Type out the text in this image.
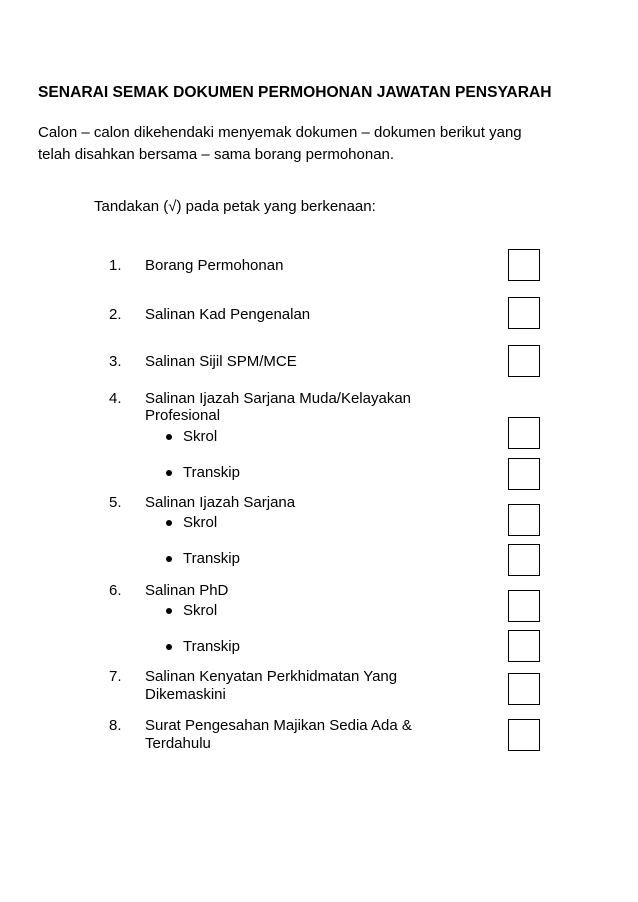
SENARAI SEMAK DOKUMEN PERMOHONAN JAWATAN PENSYARAH
Calon – calon dikehendaki menyemak dokumen – dokumen berikut yang
telah disahkan bersama – sama borang permohonan.
Tandakan (√) pada petak yang berkenaan:
1. Borang Permohonan
2. Salinan Kad Pengenalan
3. Salinan Sijil SPM/MCE
4. Salinan Ijazah Sarjana Muda/Kelayakan
Profesional
Skrol
Transkip
5. Salinan Ijazah Sarjana
Skrol
Transkip
6. Salinan PhD
Skrol
Transkip
7. Salinan Kenyatan Perkhidmatan Yang
Dikemaskini
8. Surat Pengesahan Majikan Sedia Ada &
Terdahulu
